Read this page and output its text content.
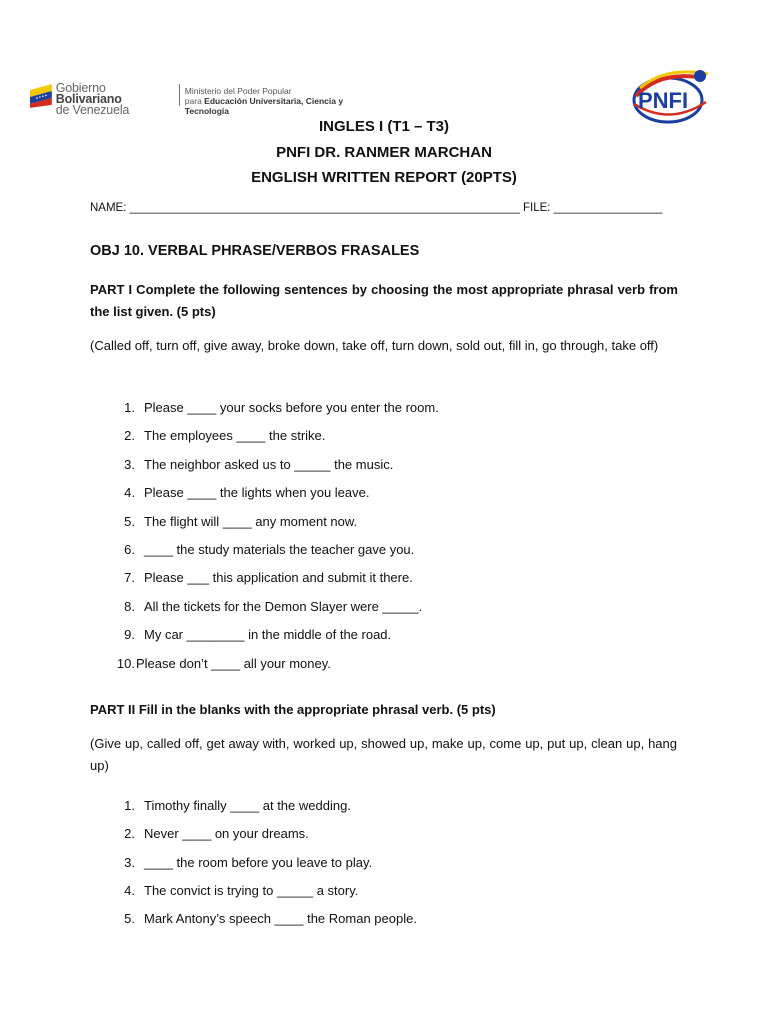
Gobierno Bolivariano
de Venezuela
Ministerio del Poder Popular
para Educación Universitaria, Ciencia y Tecnología	PNFI
INGLES I (T1 – T3)
PNFI DR. RANMER MARCHAN
ENGLISH WRITTEN REPORT (20PTS)
NAME: _____________________________________________________________ FILE: _________________
OBJ 10. VERBAL PHRASE/VERBOS FRASALES
PART I Complete the following sentences by choosing the most appropriate phrasal verb from the list given. (5 pts)
(Called off, turn off, give away, broke down, take off, turn down, sold out, fill in, go through, take off)
1. Please ____ your socks before you enter the room.
2. The employees ____ the strike.
3. The neighbor asked us to _____ the music.
4. Please ____ the lights when you leave.
5. The flight will ____ any moment now.
6. ____ the study materials the teacher gave you.
7. Please ___ this application and submit it there.
8. All the tickets for the Demon Slayer were _____.
9. My car ________ in the middle of the road.
10. Please don’t ____ all your money.
PART II Fill in the blanks with the appropriate phrasal verb. (5 pts)
(Give up, called off, get away with, worked up, showed up, make up, come up, put up, clean up, hang up)
1. Timothy finally ____ at the wedding.
2. Never ____ on your dreams.
3. ____ the room before you leave to play.
4. The convict is trying to _____ a story.
5. Mark Antony’s speech ____ the Roman people.
